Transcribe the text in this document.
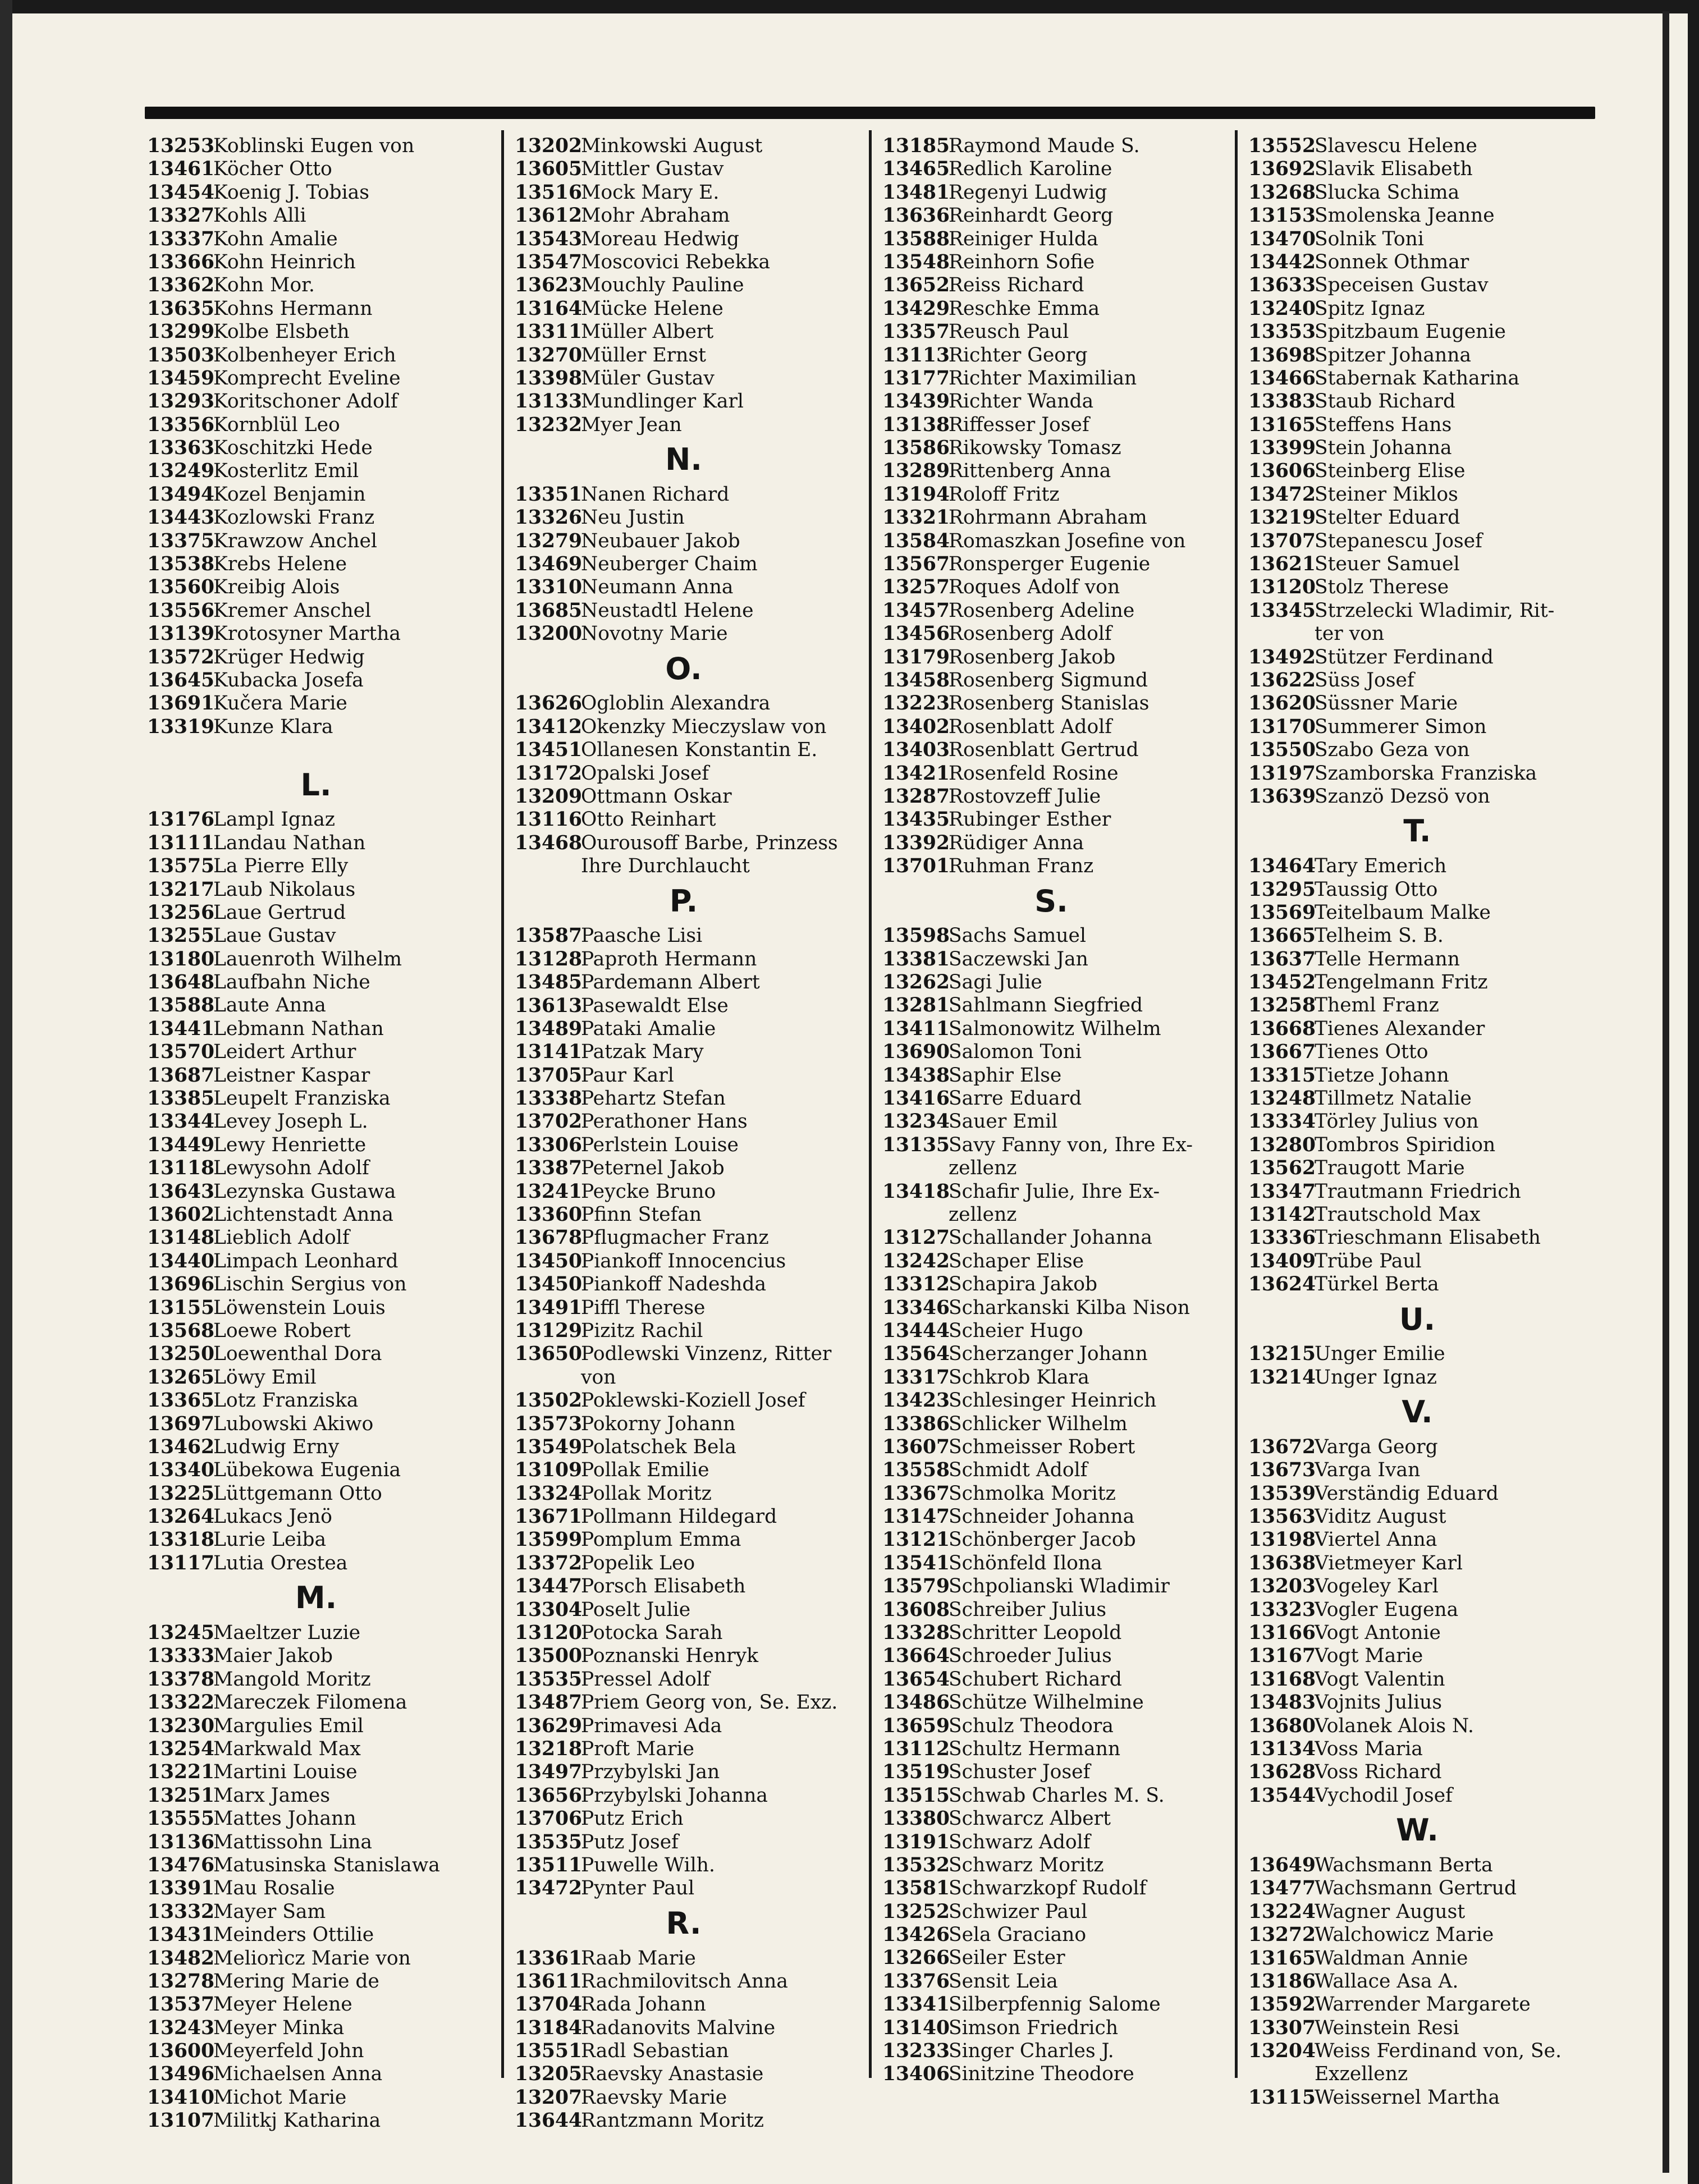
13253
Koblinski Eugen von
13461
Köcher Otto
13454
Koenig J. Tobias
13327
Kohls Alli
13337
Kohn Amalie
13366
Kohn Heinrich
13362
Kohn Mor.
13635
Kohns Hermann
13299
Kolbe Elsbeth
13503
Kolbenheyer Erich
13459
Komprecht Eveline
13293
Koritschoner Adolf
13356
Kornblül Leo
13363
Koschitzki Hede
13249
Kosterlitz Emil
13494
Kozel Benjamin
13443
Kozlowski Franz
13375
Krawzow Anchel
13538
Krebs Helene
13560
Kreibig Alois
13556
Kremer Anschel
13139
Krotosyner Martha
13572
Krüger Hedwig
13645
Kubacka Josefa
13691
Kučera Marie
13319
Kunze Klara
L.
13176
Lampl Ignaz
13111
Landau Nathan
13575
La Pierre Elly
13217
Laub Nikolaus
13256
Laue Gertrud
13255
Laue Gustav
13180
Lauenroth Wilhelm
13648
Laufbahn Niche
13588
Laute Anna
13441
Lebmann Nathan
13570
Leidert Arthur
13687
Leistner Kaspar
13385
Leupelt Franziska
13344
Levey Joseph L.
13449
Lewy Henriette
13118
Lewysohn Adolf
13643
Lezynska Gustawa
13602
Lichtenstadt Anna
13148
Lieblich Adolf
13440
Limpach Leonhard
13696
Lischin Sergius von
13155
Löwenstein Louis
13568
Loewe Robert
13250
Loewenthal Dora
13265
Löwy Emil
13365
Lotz Franziska
13697
Lubowski Akiwo
13462
Ludwig Erny
13340
Lübekowa Eugenia
13225
Lüttgemann Otto
13264
Lukacs Jenö
13318
Lurie Leiba
13117
Lutia Orestea
M.
13245
Maeltzer Luzie
13333
Maier Jakob
13378
Mangold Moritz
13322
Mareczek Filomena
13230
Margulies Emil
13254
Markwald Max
13221
Martini Louise
13251
Marx James
13555
Mattes Johann
13136
Mattissohn Lina
13476
Matusinska Stanislawa
13391
Mau Rosalie
13332
Mayer Sam
13431
Meinders Ottilie
13482
Meliorìcz Marie von
13278
Mering Marie de
13537
Meyer Helene
13243
Meyer Minka
13600
Meyerfeld John
13496
Michaelsen Anna
13410
Michot Marie
13107
Militkj Katharina
13202
Minkowski August
13605
Mittler Gustav
13516
Mock Mary E.
13612
Mohr Abraham
13543
Moreau Hedwig
13547
Moscovici Rebekka
13623
Mouchly Pauline
13164
Mücke Helene
13311
Müller Albert
13270
Müller Ernst
13398
Müler Gustav
13133
Mundlinger Karl
13232
Myer Jean
N.
13351
Nanen Richard
13326
Neu Justin
13279
Neubauer Jakob
13469
Neuberger Chaim
13310
Neumann Anna
13685
Neustadtl Helene
13200
Novotny Marie
O.
13626
Ogloblin Alexandra
13412
Okenzky Mieczyslaw von
13451
Ollanesen Konstantin E.
13172
Opalski Josef
13209
Ottmann Oskar
13116
Otto Reinhart
13468
Ourousoff Barbe, Prinzess
Ihre Durchlaucht
P.
13587
Paasche Lisi
13128
Paproth Hermann
13485
Pardemann Albert
13613
Pasewaldt Else
13489
Pataki Amalie
13141
Patzak Mary
13705
Paur Karl
13338
Pehartz Stefan
13702
Perathoner Hans
13306
Perlstein Louise
13387
Peternel Jakob
13241
Peycke Bruno
13360
Pfinn Stefan
13678
Pflugmacher Franz
13450
Piankoff Innocencius
13450
Piankoff Nadeshda
13491
Piffl Therese
13129
Pizitz Rachil
13650
Podlewski Vinzenz, Ritter
von
13502
Poklewski-Koziell Josef
13573
Pokorny Johann
13549
Polatschek Bela
13109
Pollak Emilie
13324
Pollak Moritz
13671
Pollmann Hildegard
13599
Pomplum Emma
13372
Popelik Leo
13447
Porsch Elisabeth
13304
Poselt Julie
13120
Potocka Sarah
13500
Poznanski Henryk
13535
Pressel Adolf
13487
Priem Georg von, Se. Exz.
13629
Primavesi Ada
13218
Proft Marie
13497
Przybylski Jan
13656
Przybylski Johanna
13706
Putz Erich
13535
Putz Josef
13511
Puwelle Wilh.
13472
Pynter Paul
R.
13361
Raab Marie
13611
Rachmilovitsch Anna
13704
Rada Johann
13184
Radanovits Malvine
13551
Radl Sebastian
13205
Raevsky Anastasie
13207
Raevsky Marie
13644
Rantzmann Moritz
13185
Raymond Maude S.
13465
Redlich Karoline
13481
Regenyi Ludwig
13636
Reinhardt Georg
13588
Reiniger Hulda
13548
Reinhorn Sofie
13652
Reiss Richard
13429
Reschke Emma
13357
Reusch Paul
13113
Richter Georg
13177
Richter Maximilian
13439
Richter Wanda
13138
Riffesser Josef
13586
Rikowsky Tomasz
13289
Rittenberg Anna
13194
Roloff Fritz
13321
Rohrmann Abraham
13584
Romaszkan Josefine von
13567
Ronsperger Eugenie
13257
Roques Adolf von
13457
Rosenberg Adeline
13456
Rosenberg Adolf
13179
Rosenberg Jakob
13458
Rosenberg Sigmund
13223
Rosenberg Stanislas
13402
Rosenblatt Adolf
13403
Rosenblatt Gertrud
13421
Rosenfeld Rosine
13287
Rostovzeff Julie
13435
Rubinger Esther
13392
Rüdiger Anna
13701
Ruhman Franz
S.
13598
Sachs Samuel
13381
Saczewski Jan
13262
Sagi Julie
13281
Sahlmann Siegfried
13411
Salmonowitz Wilhelm
13690
Salomon Toni
13438
Saphir Else
13416
Sarre Eduard
13234
Sauer Emil
13135
Savy Fanny von, Ihre Ex-
zellenz
13418
Schafir Julie, Ihre Ex-
zellenz
13127
Schallander Johanna
13242
Schaper Elise
13312
Schapira Jakob
13346
Scharkanski Kilba Nison
13444
Scheier Hugo
13564
Scherzanger Johann
13317
Schkrob Klara
13423
Schlesinger Heinrich
13386
Schlicker Wilhelm
13607
Schmeisser Robert
13558
Schmidt Adolf
13367
Schmolka Moritz
13147
Schneider Johanna
13121
Schönberger Jacob
13541
Schönfeld Ilona
13579
Schpolianski Wladimir
13608
Schreiber Julius
13328
Schritter Leopold
13664
Schroeder Julius
13654
Schubert Richard
13486
Schütze Wilhelmine
13659
Schulz Theodora
13112
Schultz Hermann
13519
Schuster Josef
13515
Schwab Charles M. S.
13380
Schwarcz Albert
13191
Schwarz Adolf
13532
Schwarz Moritz
13581
Schwarzkopf Rudolf
13252
Schwizer Paul
13426
Sela Graciano
13266
Seiler Ester
13376
Sensit Leia
13341
Silberpfennig Salome
13140
Simson Friedrich
13233
Singer Charles J.
13406
Sinitzine Theodore
13552
Slavescu Helene
13692
Slavik Elisabeth
13268
Slucka Schima
13153
Smolenska Jeanne
13470
Solnik Toni
13442
Sonnek Othmar
13633
Speceisen Gustav
13240
Spitz Ignaz
13353
Spitzbaum Eugenie
13698
Spitzer Johanna
13466
Stabernak Katharina
13383
Staub Richard
13165
Steffens Hans
13399
Stein Johanna
13606
Steinberg Elise
13472
Steiner Miklos
13219
Stelter Eduard
13707
Stepanescu Josef
13621
Steuer Samuel
13120
Stolz Therese
13345
Strzelecki Wladimir, Rit-
ter von
13492
Stützer Ferdinand
13622
Süss Josef
13620
Süssner Marie
13170
Summerer Simon
13550
Szabo Geza von
13197
Szamborska Franziska
13639
Szanzö Dezsö von
T.
13464
Tary Emerich
13295
Taussig Otto
13569
Teitelbaum Malke
13665
Telheim S. B.
13637
Telle Hermann
13452
Tengelmann Fritz
13258
Theml Franz
13668
Tienes Alexander
13667
Tienes Otto
13315
Tietze Johann
13248
Tillmetz Natalie
13334
Törley Julius von
13280
Tombros Spiridion
13562
Traugott Marie
13347
Trautmann Friedrich
13142
Trautschold Max
13336
Trieschmann Elisabeth
13409
Trübe Paul
13624
Türkel Berta
U.
13215
Unger Emilie
13214
Unger Ignaz
V.
13672
Varga Georg
13673
Varga Ivan
13539
Verständig Eduard
13563
Viditz August
13198
Viertel Anna
13638
Vietmeyer Karl
13203
Vogeley Karl
13323
Vogler Eugena
13166
Vogt Antonie
13167
Vogt Marie
13168
Vogt Valentin
13483
Vojnits Julius
13680
Volanek Alois N.
13134
Voss Maria
13628
Voss Richard
13544
Vychodil Josef
W.
13649
Wachsmann Berta
13477
Wachsmann Gertrud
13224
Wagner August
13272
Walchowicz Marie
13165
Waldman Annie
13186
Wallace Asa A.
13592
Warrender Margarete
13307
Weinstein Resi
13204
Weiss Ferdinand von, Se.
Exzellenz
13115
Weissernel Martha
